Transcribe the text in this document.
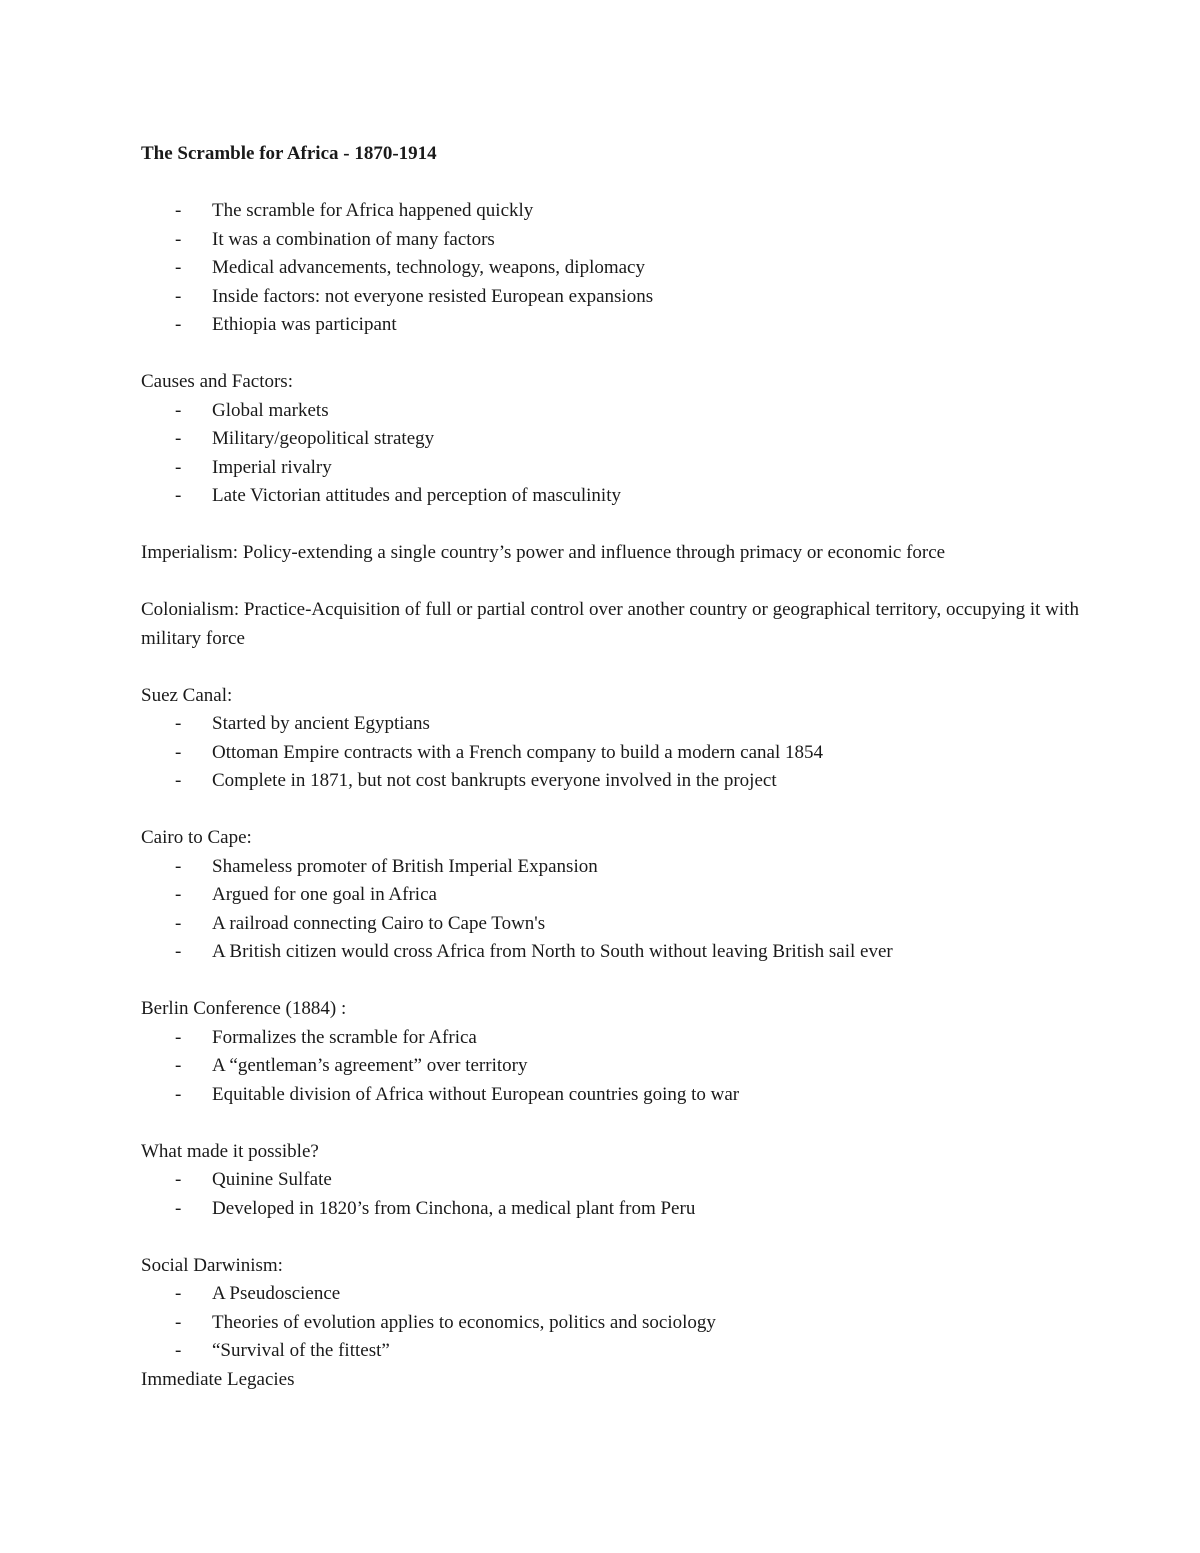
The Scramble for Africa - 1870-1914

- The scramble for Africa happened quickly
- It was a combination of many factors
- Medical advancements, technology, weapons, diplomacy
- Inside factors: not everyone resisted European expansions
- Ethiopia was participant

Causes and Factors:

- Global markets
- Military/geopolitical strategy
- Imperial rivalry
- Late Victorian attitudes and perception of masculinity

Imperialism: Policy-extending a single country’s power and influence through primacy or economic force

Colonialism: Practice-Acquisition of full or partial control over another country or geographical territory, occupying it with military force

Suez Canal:

- Started by ancient Egyptians
- Ottoman Empire contracts with a French company to build a modern canal 1854
- Complete in 1871, but not cost bankrupts everyone involved in the project

Cairo to Cape:

- Shameless promoter of British Imperial Expansion
- Argued for one goal in Africa
- A railroad connecting Cairo to Cape Town's
- A British citizen would cross Africa from North to South without leaving British sail ever

Berlin Conference (1884) :

- Formalizes the scramble for Africa
- A “gentleman’s agreement” over territory
- Equitable division of Africa without European countries going to war

What made it possible?

- Quinine Sulfate
- Developed in 1820’s from Cinchona, a medical plant from Peru

Social Darwinism:

- A Pseudoscience
- Theories of evolution applies to economics, politics and sociology
- “Survival of the fittest”

Immediate Legacies
